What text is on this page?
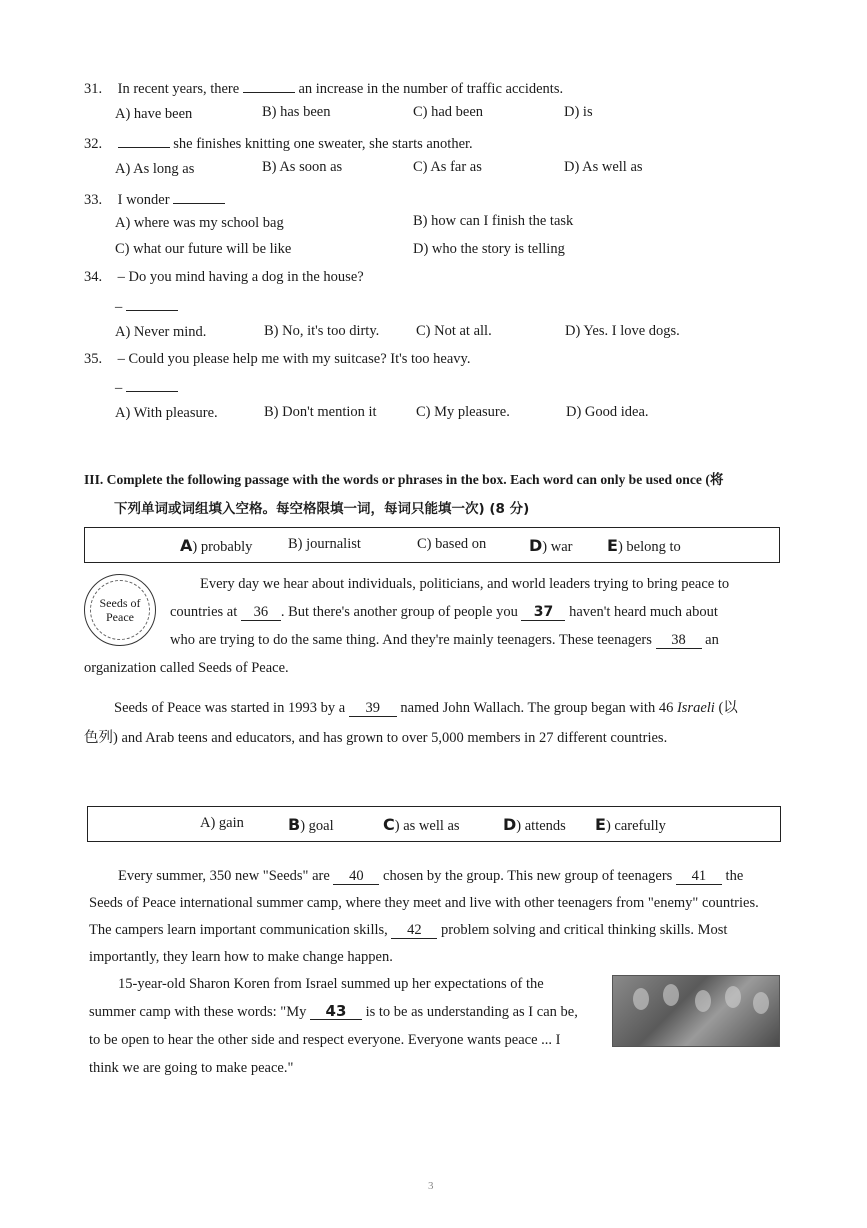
31. In recent years, there	an increase in the number of traffic accidents.
A) have been	B) has been	C) had been	D) is
32.	she finishes knitting one sweater, she starts another.
A) As long as	B) As soon as	C) As far as	D) As well as
33. I wonder
A) where was my school bag	B) how can I finish the task
C) what our future will be like	D) who the story is telling
34. – Do you mind having a dog in the house?
–
A) Never mind.	B) No, it's too dirty.	C) Not at all.	D) Yes. I love dogs.
35. – Could you please help me with my suitcase? It's too heavy.
–
A) With pleasure.	B) Don't mention it	C) My pleasure.	D) Good idea.
III. Complete the following passage with the words or phrases in the box. Each word can only be used once (将
下列单词或词组填入空格。每空格限填一词，每词只能填一次) (8 分)
A) probably B) journalist	C) based on	D) war E) belong to
Seeds of
Peace
Every day we hear about individuals, politicians, and world leaders trying to bring peace to
countries at 36 . But there's another group of people you 37 haven't heard much about
who are trying to do the same thing. And they're mainly teenagers. These teenagers 38 an
organization called Seeds of Peace.
Seeds of Peace was started in 1993 by a 39 named John Wallach. The group began with 46 Israeli (以
色列) and Arab teens and educators, and has grown to over 5,000 members in 27 different countries.
A) gain	B) goal	C) as well as	D) attends E) carefully
Every summer, 350 new "Seeds" are 40 chosen by the group. This new group of teenagers 41 the
Seeds of Peace international summer camp, where they meet and live with other teenagers from "enemy" countries.
The campers learn important communication skills, 42 problem solving and critical thinking skills. Most
importantly, they learn how to make change happen.
15-year-old Sharon Koren from Israel summed up her expectations of the
summer camp with these words: "My 43 is to be as understanding as I can be,
to be open to hear the other side and respect everyone. Everyone wants peace ... I
think we are going to make peace."
3
